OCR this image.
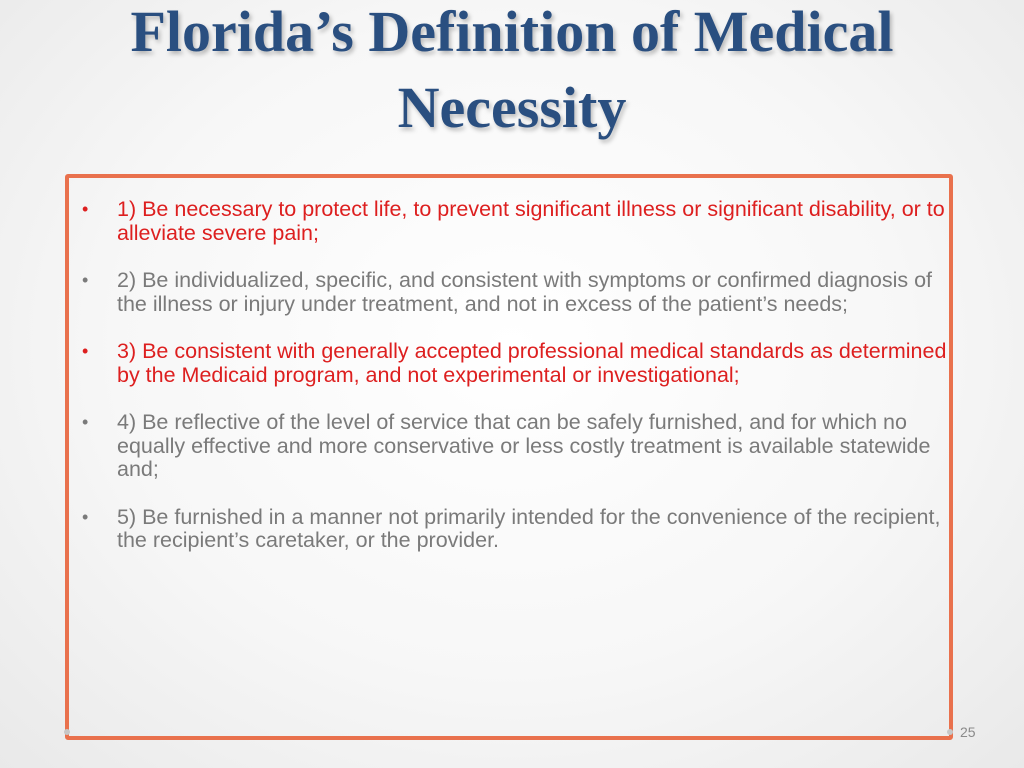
Florida’s Definition of Medical
Necessity
• 1) Be necessary to protect life, to prevent significant illness or significant disability, or to alleviate severe pain;
• 2) Be individualized, specific, and consistent with symptoms or confirmed diagnosis of the illness or injury under treatment, and not in excess of the patient’s needs;
• 3) Be consistent with generally accepted professional medical standards as determined by the Medicaid program, and not experimental or investigational;
• 4) Be reflective of the level of service that can be safely furnished, and for which no equally effective and more conservative or less costly treatment is available statewide and;
• 5) Be furnished in a manner not primarily intended for the convenience of the recipient, the recipient’s caretaker, or the provider.
25
